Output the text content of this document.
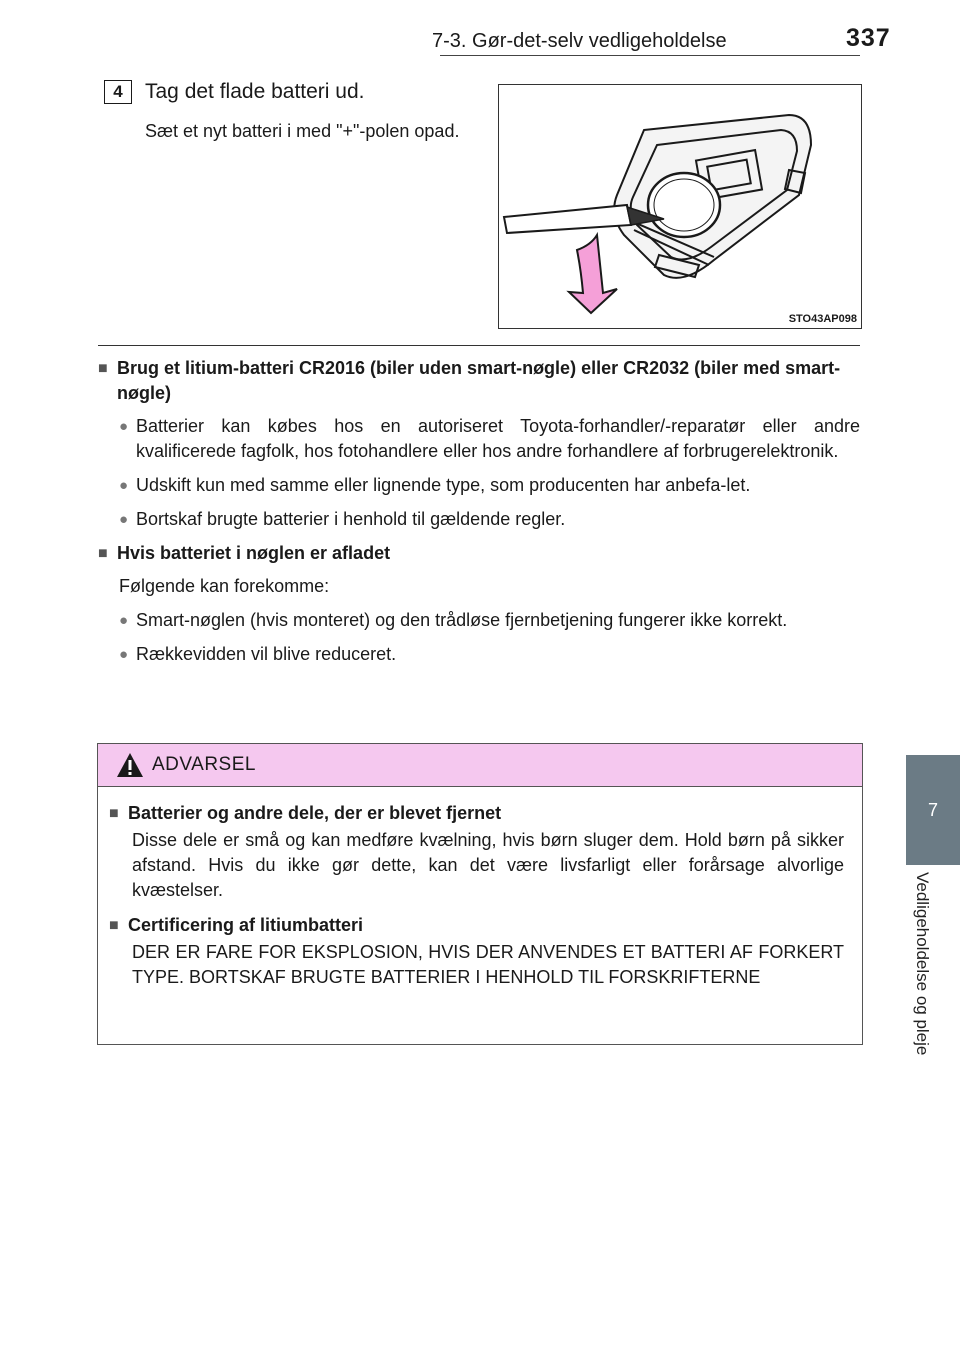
7-3. Gør-det-selv vedligeholdelse	337
7
Vedligeholdelse og pleje
4 Tag det flade batteri ud.
Sæt et nyt batteri i med "+"-polen opad.
STO43AP098
■ Brug et litium-batteri CR2016 (biler uden smart-nøgle) eller CR2032 (biler med smart-nøgle)
● Batterier kan købes hos en autoriseret Toyota-forhandler/-reparatør eller andre kvalificerede fagfolk, hos fotohandlere eller hos andre forhandlere af forbrugerelektronik.
● Udskift kun med samme eller lignende type, som producenten har anbefa-let.
● Bortskaf brugte batterier i henhold til gældende regler.
■ Hvis batteriet i nøglen er afladet
Følgende kan forekomme:
● Smart-nøglen (hvis monteret) og den trådløse fjernbetjening fungerer ikke korrekt.
● Rækkevidden vil blive reduceret.
ADVARSEL
■ Batterier og andre dele, der er blevet fjernet
Disse dele er små og kan medføre kvælning, hvis børn sluger dem. Hold børn på sikker afstand. Hvis du ikke gør dette, kan det være livsfarligt eller forårsage alvorlige kvæstelser.
■ Certificering af litiumbatteri
DER ER FARE FOR EKSPLOSION, HVIS DER ANVENDES ET BATTERI AF FORKERT TYPE. BORTSKAF BRUGTE BATTERIER I HENHOLD TIL FORSKRIFTERNE
